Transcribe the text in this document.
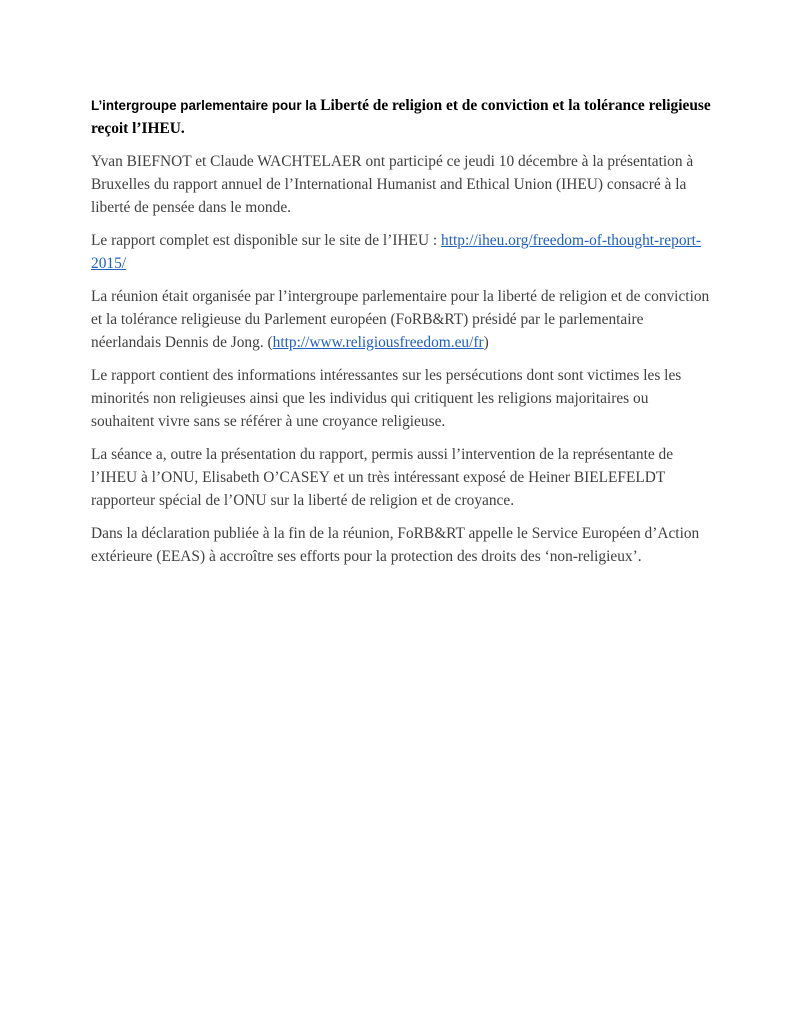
L’intergroupe parlementaire pour la Liberté de religion et de conviction et la tolérance religieuse reçoit l’IHEU.

Yvan BIEFNOT et Claude WACHTELAER ont participé ce jeudi 10 décembre à la présentation à Bruxelles du rapport annuel de l’International Humanist and Ethical Union (IHEU) consacré à la liberté de pensée dans le monde.

Le rapport complet est disponible sur le site de l’IHEU : http://iheu.org/freedom-of-thought-report-2015/

La réunion était organisée par l’intergroupe parlementaire pour la liberté de religion et de conviction et la tolérance religieuse du Parlement européen (FoRB&RT) présidé par le parlementaire néerlandais Dennis de Jong. (http://www.religiousfreedom.eu/fr)

Le rapport contient des informations intéressantes sur les persécutions dont sont victimes les les minorités non religieuses ainsi que les individus qui critiquent les religions majoritaires ou souhaitent vivre sans se référer à une croyance religieuse.

La séance a, outre la présentation du rapport, permis aussi l’intervention de la représentante de l’IHEU à l’ONU, Elisabeth O’CASEY et un très intéressant exposé de Heiner BIELEFELDT rapporteur spécial de l’ONU sur la liberté de religion et de croyance.

Dans la déclaration publiée à la fin de la réunion, FoRB&RT appelle le Service Européen d’Action extérieure (EEAS) à accroître ses efforts pour la protection des droits des ‘non-religieux’.
